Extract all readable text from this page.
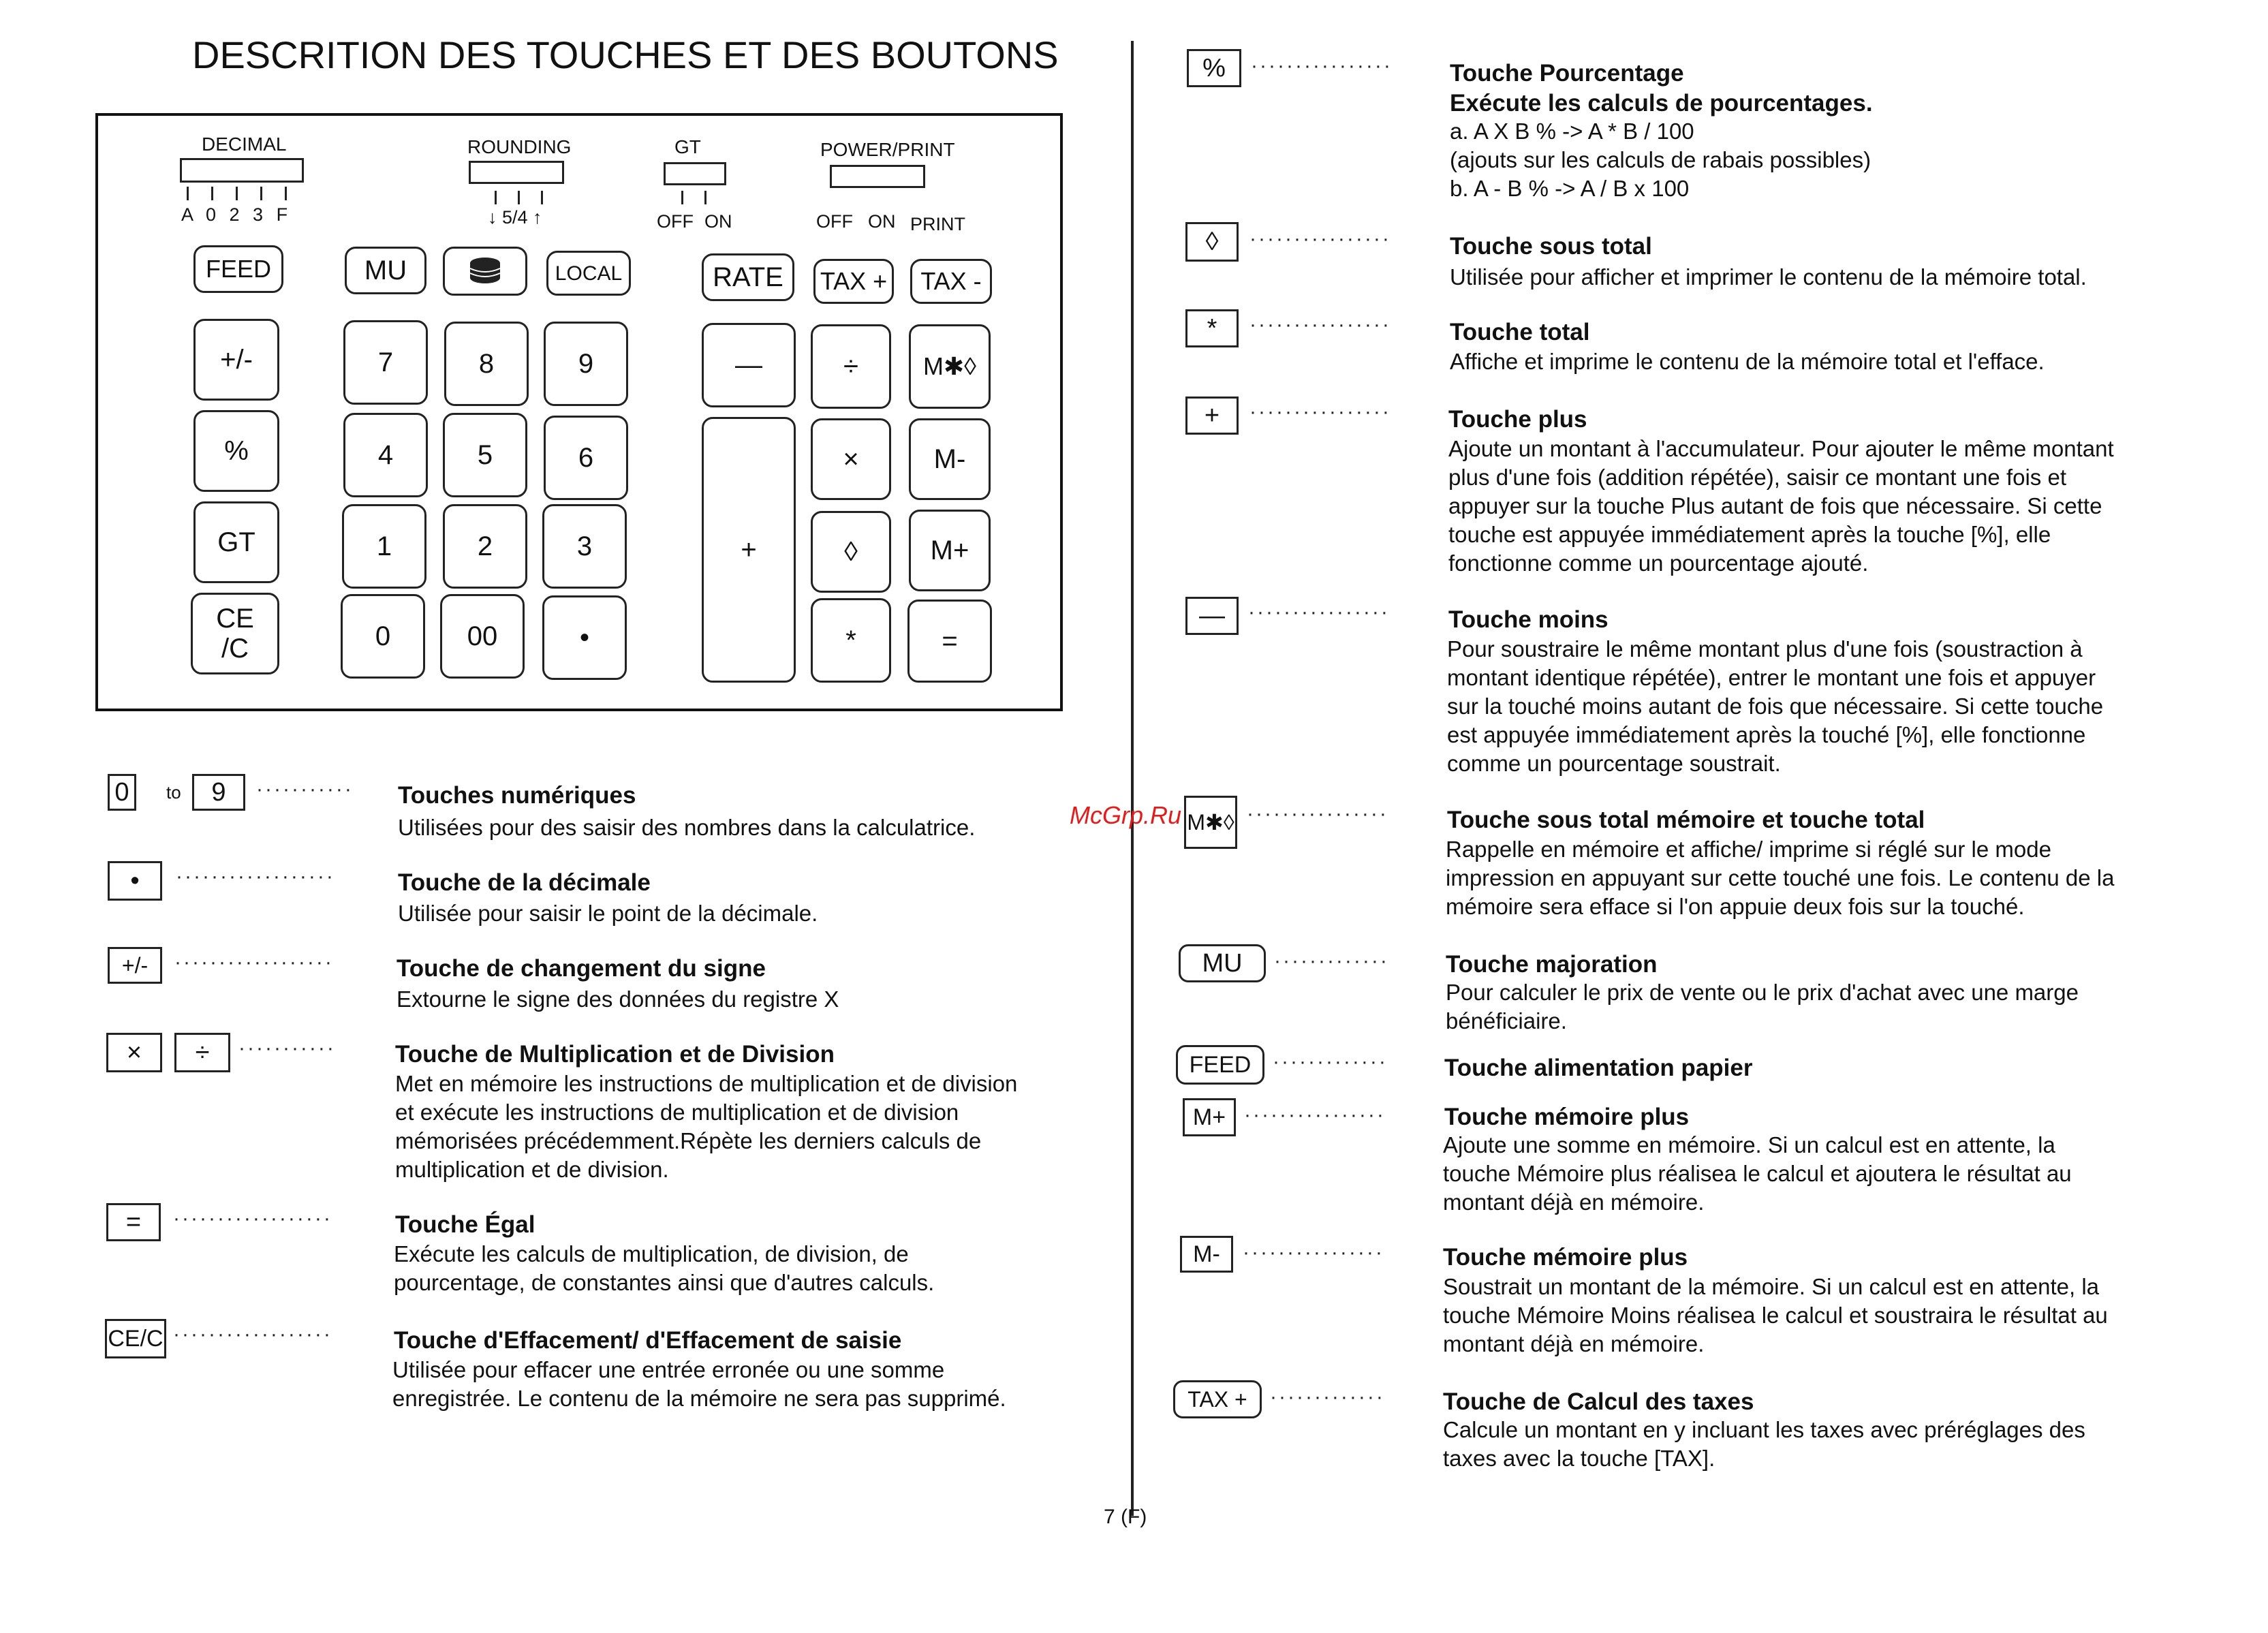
DESCRITION DES TOUCHES ET DES BOUTONS
DECIMAL
A 0 2 3 F
ROUNDING
↓ 5/4 ↑
GT
OFF ON
POWER/PRINT
OFF ON PRINT
FEED	MU	LOCAL	RATE	TAX +	TAX -
+/-
%
GT
CE
/C
7	8	9
4	5	6
1	2	3
0	00	•
—	÷	M✱◊
+
×	M-
◊	M+
*	=
0	to	9	··········· Touches numériques
Utilisées pour des saisir des nombres dans la calculatrice.
•	··················	Touche de la décimale
Utilisée pour saisir le point de la décimale.
+/-	··················	Touche de changement du signe
Extourne le signe des données du registre X
×	÷	··········· Touche de Multiplication et de Division
Met en mémoire les instructions de multiplication et de division
et exécute les instructions de multiplication et de division
mémorisées précédemment.Répète les derniers calculs de
multiplication et de division.
=	··················	Touche Égal
Exécute les calculs de multiplication, de division, de
pourcentage, de constantes ainsi que d'autres calculs.
CE/C ··················	Touche d'Effacement/ d'Effacement de saisie
Utilisée pour effacer une entrée erronée ou une somme
enregistrée. Le contenu de la mémoire ne sera pas supprimé.
%	················ Touche Pourcentage
Exécute les calculs de pourcentages.
a. A X B % -> A * B / 100
(ajouts sur les calculs de rabais possibles)
b. A - B % -> A / B x 100
◊	················ Touche sous total
Utilisée pour afficher et imprimer le contenu de la mémoire total.
*	················ Touche total
Affiche et imprime le contenu de la mémoire total et l'efface.
+	················ Touche plus
Ajoute un montant à l'accumulateur. Pour ajouter le même montant
plus d'une fois (addition répétée), saisir ce montant une fois et
appuyer sur la touche Plus autant de fois que nécessaire. Si cette
touche est appuyée immédiatement après la touche [%], elle
fonctionne comme un pourcentage ajouté.
—	················ Touche moins
Pour soustraire le même montant plus d'une fois (soustraction à
montant identique répétée), entrer le montant une fois et appuyer
sur la touché moins autant de fois que nécessaire. Si cette touche
est appuyée immédiatement après la touché [%], elle fonctionne
comme un pourcentage soustrait.
M✱◊ ················ Touche sous total mémoire et touche total
Rappelle en mémoire et affiche/ imprime si réglé sur le mode
impression en appuyant sur cette touché une fois. Le contenu de la
mémoire sera efface si l'on appuie deux fois sur la touché.
MU	············· Touche majoration
Pour calculer le prix de vente ou le prix d'achat avec une marge
bénéficiaire.
FEED	············· Touche alimentation papier
M+ ················ Touche mémoire plus
Ajoute une somme en mémoire. Si un calcul est en attente, la
touche Mémoire plus réalisea le calcul et ajoutera le résultat au
montant déjà en mémoire.
M-	················ Touche mémoire plus
Soustrait un montant de la mémoire. Si un calcul est en attente, la
touche Mémoire Moins réalisea le calcul et soustraira le résultat au
montant déjà en mémoire.
TAX +	············· Touche de Calcul des taxes
Calcule un montant en y incluant les taxes avec préréglages des
taxes avec la touche [TAX].
McGrp.Ru
7 (F)
